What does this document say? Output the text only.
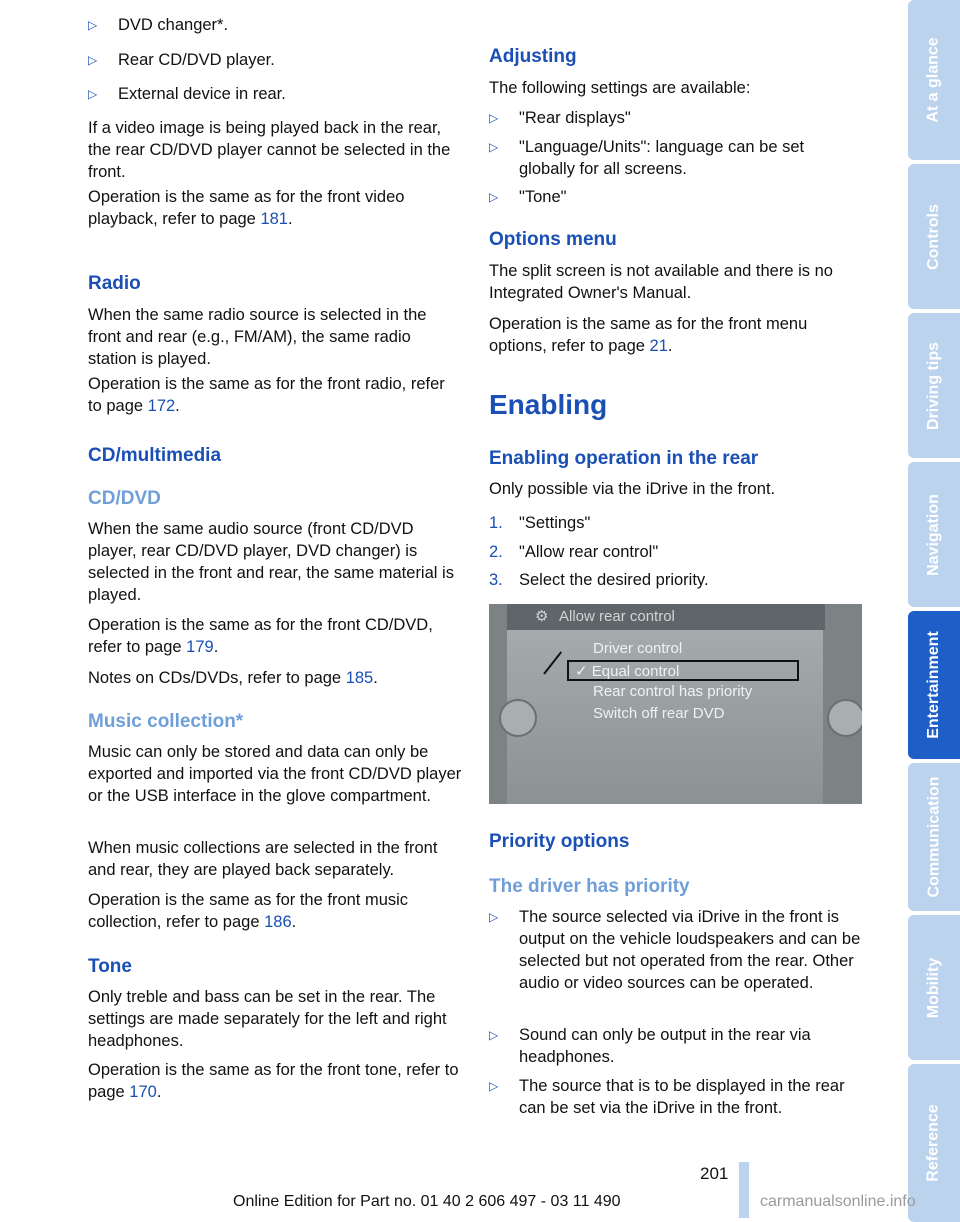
▷	DVD changer*.
▷	Rear CD/DVD player.
▷	External device in rear.

If a video image is being played back in the rear, the rear CD/DVD player cannot be selected in the front.

Operation is the same as for the front video playback, refer to page 181.

Radio

When the same radio source is selected in the front and rear (e.g., FM/AM), the same radio station is played.

Operation is the same as for the front radio, refer to page 172.

CD/multimedia
CD/DVD

When the same audio source (front CD/DVD player, rear CD/DVD player, DVD changer) is selected in the front and rear, the same material is played.

Operation is the same as for the front CD/DVD, refer to page 179.

Notes on CDs/DVDs, refer to page 185.

Music collection*

Music can only be stored and data can only be exported and imported via the front CD/DVD player or the USB interface in the glove compartment.

When music collections are selected in the front and rear, they are played back separately.

Operation is the same as for the front music collection, refer to page 186.

Tone

Only treble and bass can be set in the rear. The settings are made separately for the left and right headphones.

Operation is the same as for the front tone, refer to page 170.

Adjusting

The following settings are available:

▷	"Rear displays"
▷	"Language/Units": language can be set globally for all screens.
▷	"Tone"
Options menu

The split screen is not available and there is no Integrated Owner's Manual.

Operation is the same as for the front menu options, refer to page 21.

Enabling
Enabling operation in the rear

Only possible via the iDrive in the front.

1. "Settings"
2. "Allow rear control"
3. Select the desired priority.
Priority options
The driver has priority
▷	The source selected via iDrive in the front is output on the vehicle loudspeakers and can be selected but not operated from the rear. Other audio or video sources can be operated.
▷	Sound can only be output in the rear via headphones.
▷	The source that is to be displayed in the rear can be set via the iDrive in the front.
⚙ Allow rear control
Driver control
✓ Equal control
Rear control has priority
Switch off rear DVD
At a glance
Controls
Driving tips
Navigation
Entertainment
Communication
Mobility
Reference
201
Online Edition for Part no. 01 40 2 606 497 - 03 11 490	carmanualsonline.info
